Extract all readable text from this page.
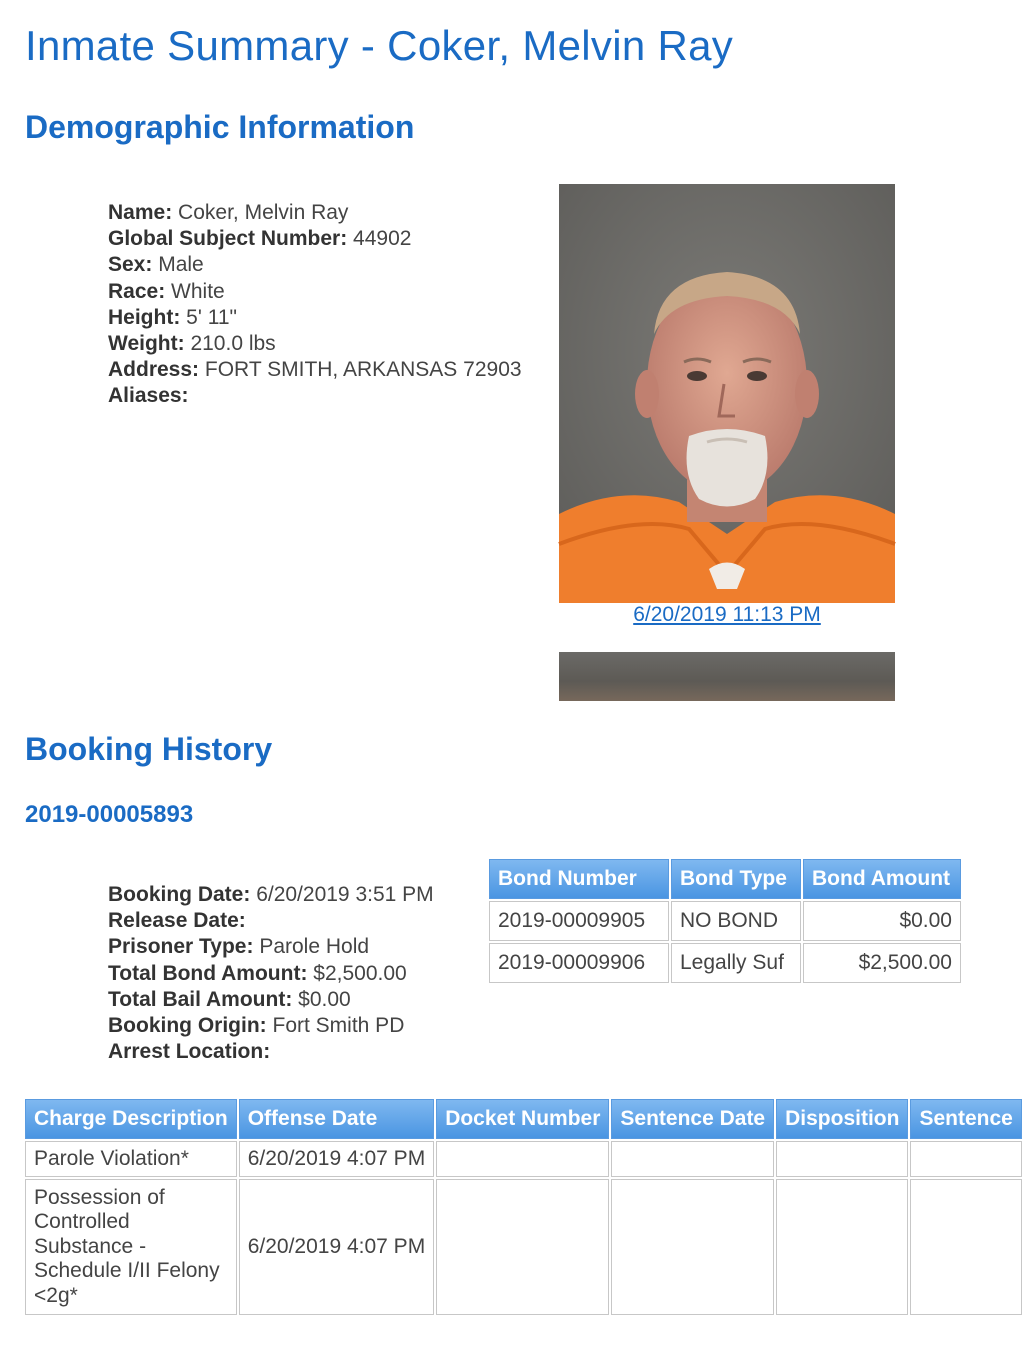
Inmate Summary - Coker, Melvin Ray
Demographic Information
Name: Coker, Melvin Ray
Global Subject Number: 44902
Sex: Male
Race: White
Height: 5' 11"
Weight: 210.0 lbs
Address: FORT SMITH, ARKANSAS 72903
Aliases:
6/20/2019 11:13 PM
Booking History
2019-00005893
Booking Date: 6/20/2019 3:51 PM
Release Date:
Prisoner Type: Parole Hold
Total Bond Amount: $2,500.00
Total Bail Amount: $0.00
Booking Origin: Fort Smith PD
Arrest Location:
Bond Number	Bond Type	Bond Amount
2019-00009905	NO BOND	$0.00
2019-00009906	Legally Suf	$2,500.00
Charge Description	Offense Date	Docket Number	Sentence Date	Disposition	Sentence
Parole Violation*	6/20/2019 4:07 PM				
Possession of Controlled Substance - Schedule I/II Felony <2g*	6/20/2019 4:07 PM				
